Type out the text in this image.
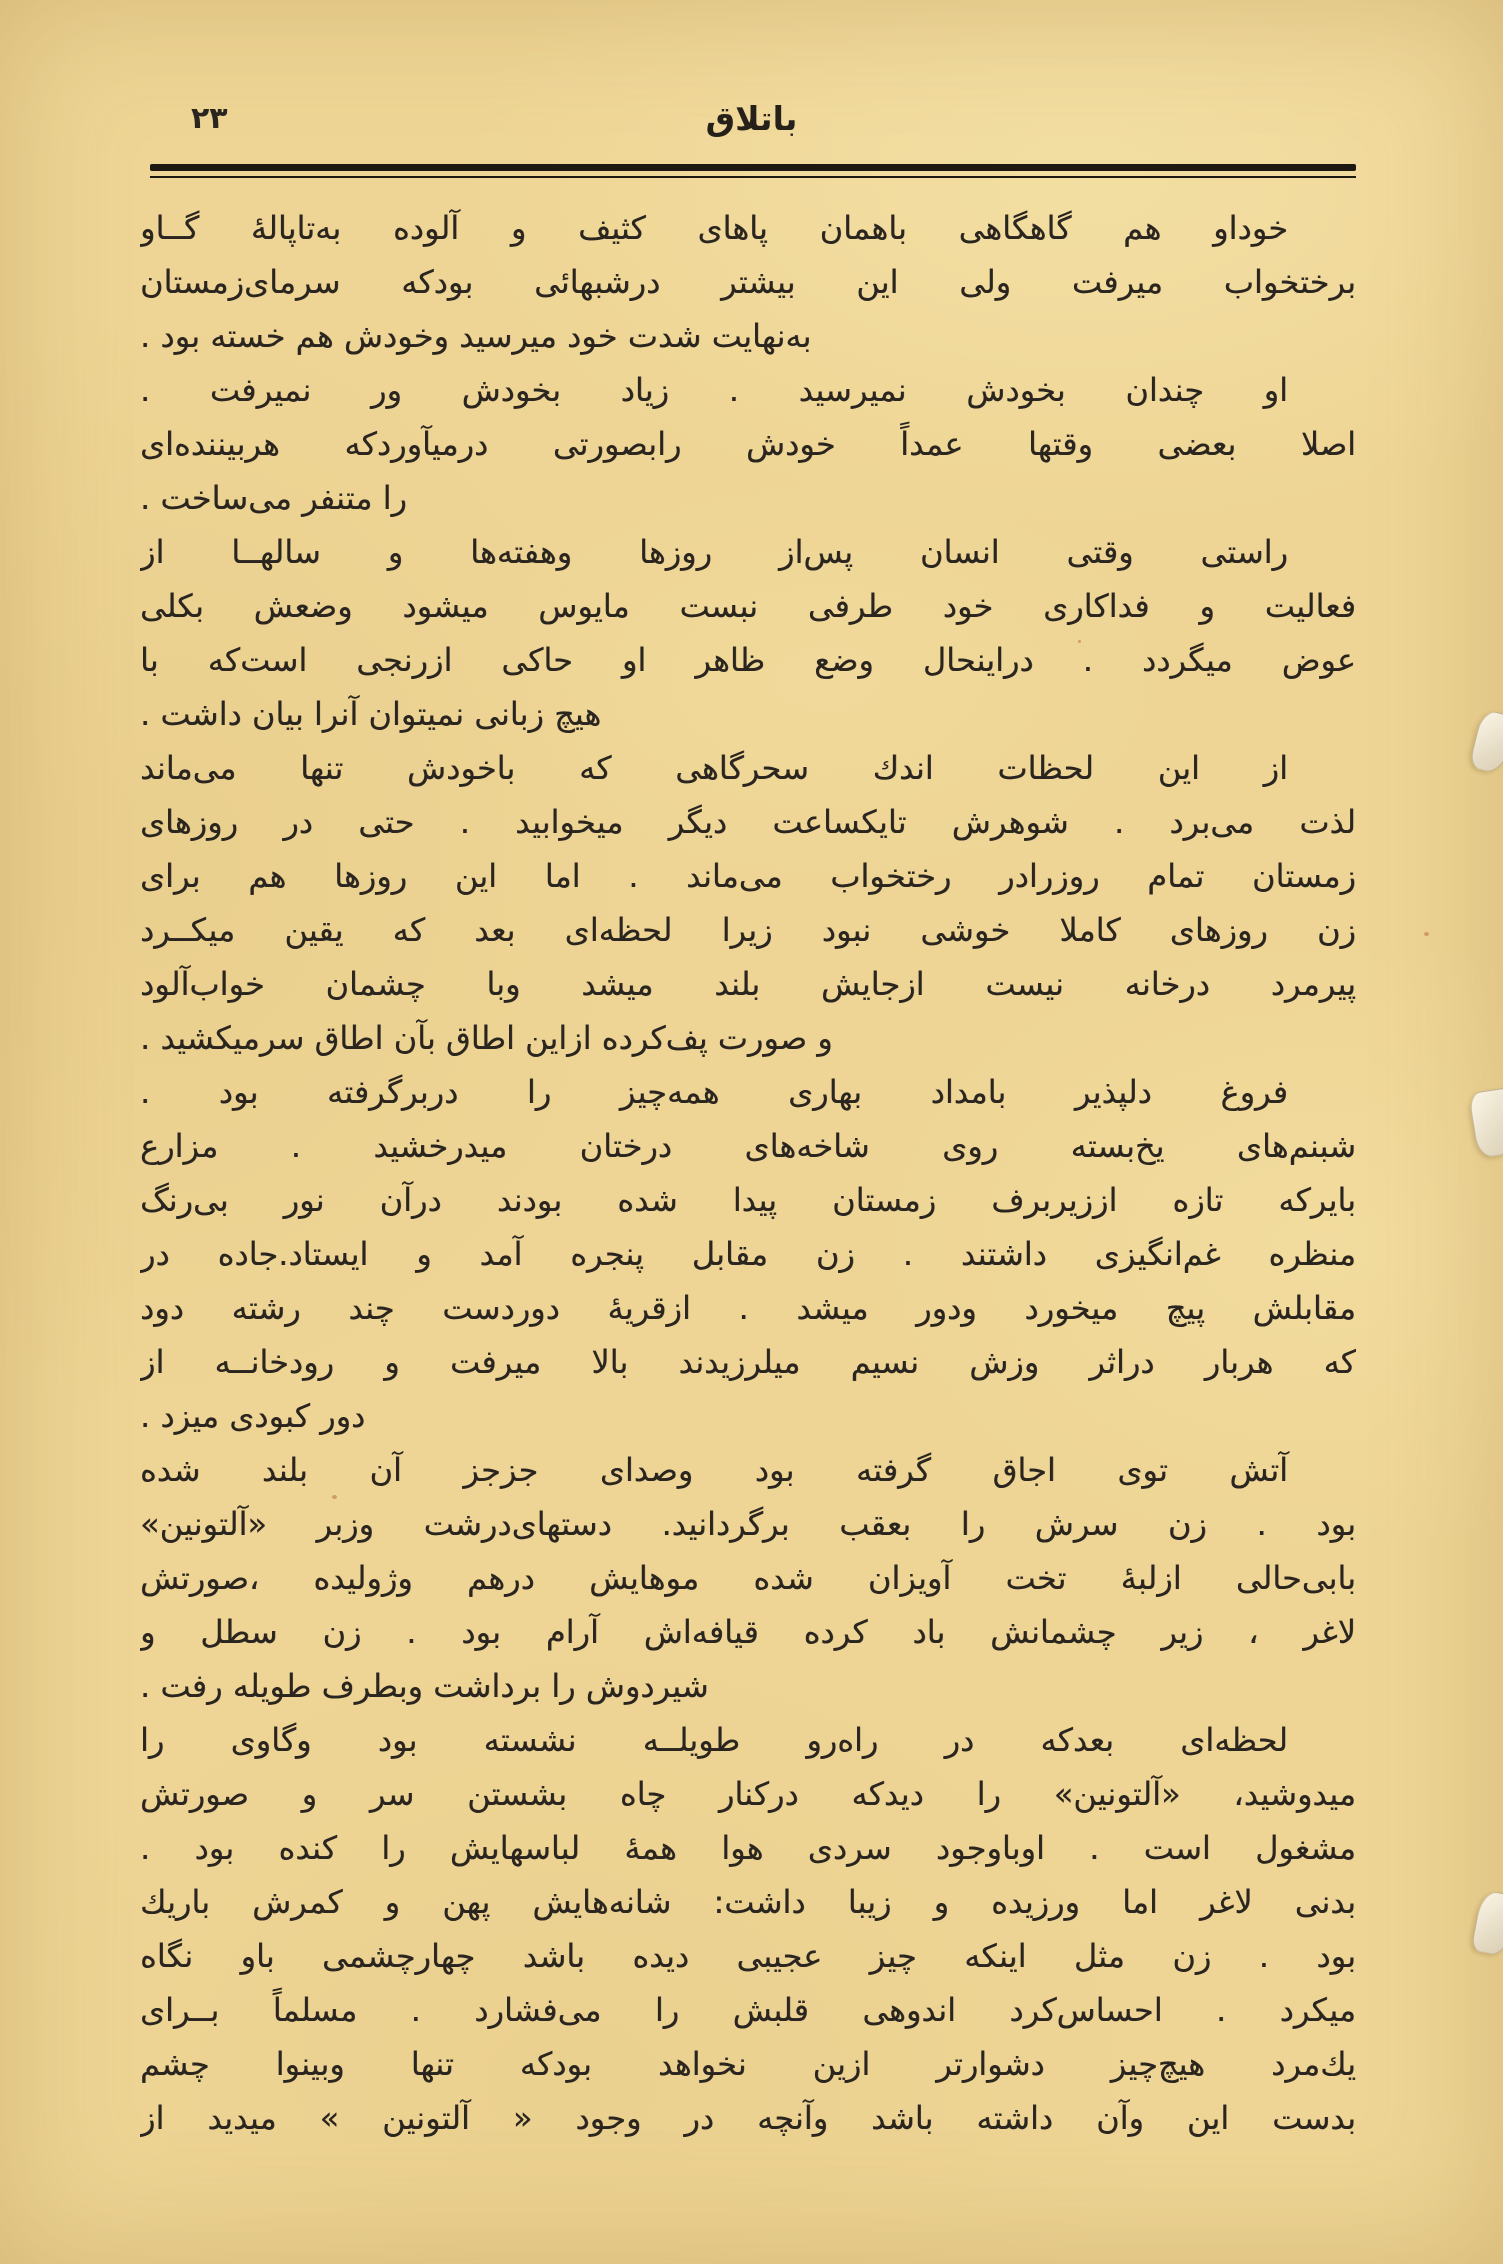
۲۳	باتلاق
خوداو هم گاهگاهی باهمان پاهای کثیف و آلوده به‌تاپالۀ گــاو
برختخواب میرفت ولی این بیشتر درشبهائی بودکه سرمای‌زمستان
به‌نهایت شدت خود میرسید وخودش هم خسته بود .
او چندان بخودش نمیرسید . زیاد بخودش ور نمیرفت .
اصلا بعضی وقتها عمداً خودش رابصورتی درمیآوردکه هربیننده‌ای
را متنفر می‌ساخت .
راستی وقتی انسان پس‌از روزها وهفته‌ها و سالهــا از
فعالیت و فداکاری خود طرفی نبست مایوس میشود وضعش بکلی
عوض میگردد . دراینحال وضع ظاهر او حاکی ازرنجی است‌که با
هیچ زبانی نمیتوان آنرا بیان داشت .
از این لحظات اندك سحرگاهی که باخودش تنها می‌ماند
لذت می‌برد . شوهرش تایکساعت دیگر میخوابید . حتی در روزهای
زمستان تمام روزرادر رختخواب می‌ماند . اما این روزها هم برای
زن روزهای کاملا خوشی نبود زیرا لحظه‌ای بعد که یقین میکــرد
پیرمرد درخانه نیست ازجایش بلند میشد وبا چشمان خواب‌آلود
و صورت پف‌کرده ازاین اطاق بآن اطاق سرمیکشید .
فروغ دلپذیر بامداد بهاری همه‌چیز را دربرگرفته بود .
شبنم‌های یخ‌بسته روی شاخه‌های درختان میدرخشید . مزارع
بایرکه تازه اززیربرف زمستان پیدا شده بودند درآن نور بی‌رنگ
منظره غم‌انگیزی داشتند . زن مقابل پنجره آمد و ایستاد.جاده در
مقابلش پیچ میخورد ودور میشد . ازقریۀ دوردست چند رشته دود
که هربار دراثر وزش نسیم میلرزیدند بالا میرفت و رودخانــه از
دور کبودی میزد .
آتش توی اجاق گرفته بود وصدای جزجز آن بلند شده
بود . زن سرش را بعقب برگردانید. دستهای‌درشت وزبر «آلتونین»
بابی‌حالی ازلبۀ تخت آویزان شده موهایش درهم وژولیده ،صورتش
لاغر ، زیر چشمانش باد کرده قیافه‌اش آرام بود . زن سطل و
شیردوش را برداشت وبطرف طویله رفت .
لحظه‌ای بعدکه در راه‌رو طویلــه نشسته بود وگاوی را
میدوشید، «آلتونین» را دیدکه درکنار چاه بشستن سر و صورتش
مشغول است . اوباوجود سردی هوا همۀ لباسهایش را کنده بود .
بدنی لاغر اما ورزیده و زیبا داشت: شانه‌هایش پهن و کمرش باریك
بود . زن مثل اینکه چیز عجیبی دیده باشد چهارچشمی باو نگاه
میکرد . احساس‌کرد اندوهی قلبش را می‌فشارد . مسلماً بــرای
یك‌مرد هیچ‌چیز دشوارتر ازین نخواهد بودکه تنها وبینوا چشم
بدست این وآن داشته باشد وآنچه در وجود « آلتونین » میدید از
